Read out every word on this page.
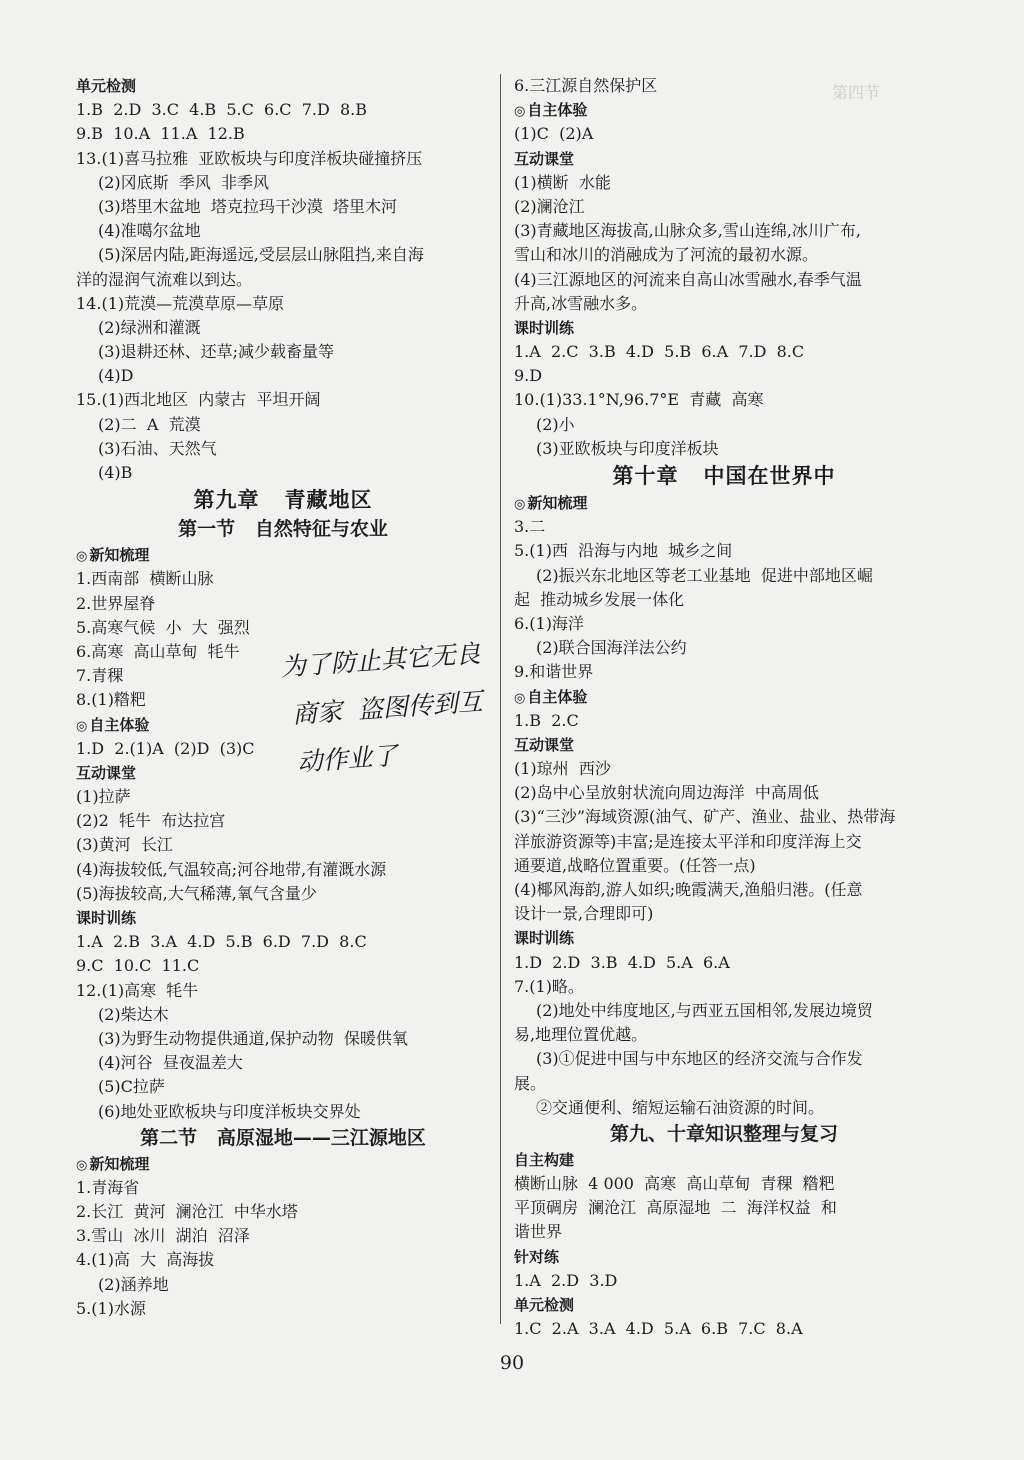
第四节
单元检测
1.B  2.D  3.C  4.B  5.C  6.C  7.D  8.B
9.B  10.A  11.A  12.B
13.(1)喜马拉雅  亚欧板块与印度洋板块碰撞挤压
(2)冈底斯  季风  非季风
(3)塔里木盆地  塔克拉玛干沙漠  塔里木河
(4)准噶尔盆地
(5)深居内陆,距海遥远,受层层山脉阻挡,来自海
洋的湿润气流难以到达。
14.(1)荒漠—荒漠草原—草原
(2)绿洲和灌溉
(3)退耕还林、还草;减少载畜量等
(4)D
15.(1)西北地区  内蒙古  平坦开阔
(2)二  A  荒漠
(3)石油、天然气
(4)B
第九章   青藏地区
第一节   自然特征与农业
◎ 新知梳理
1.西南部  横断山脉
2.世界屋脊
5.高寒气候  小  大  强烈
6.高寒  高山草甸  牦牛
7.青稞
8.(1)糌粑
◎ 自主体验
1.D  2.(1)A  (2)D  (3)C
互动课堂
(1)拉萨
(2)2  牦牛  布达拉宫
(3)黄河  长江
(4)海拔较低,气温较高;河谷地带,有灌溉水源
(5)海拔较高,大气稀薄,氧气含量少
课时训练
1.A  2.B  3.A  4.D  5.B  6.D  7.D  8.C
9.C  10.C  11.C
12.(1)高寒  牦牛
(2)柴达木
(3)为野生动物提供通道,保护动物  保暖供氧
(4)河谷  昼夜温差大
(5)C拉萨
(6)地处亚欧板块与印度洋板块交界处
第二节   高原湿地——三江源地区
◎ 新知梳理
1.青海省
2.长江  黄河  澜沧江  中华水塔
3.雪山  冰川  湖泊  沼泽
4.(1)高  大  高海拔
(2)涵养地
5.(1)水源
6.三江源自然保护区
◎ 自主体验
(1)C  (2)A
互动课堂
(1)横断  水能
(2)澜沧江
(3)青藏地区海拔高,山脉众多,雪山连绵,冰川广布,
雪山和冰川的消融成为了河流的最初水源。
(4)三江源地区的河流来自高山冰雪融水,春季气温
升高,冰雪融水多。
课时训练
1.A  2.C  3.B  4.D  5.B  6.A  7.D  8.C
9.D
10.(1)33.1°N,96.7°E  青藏  高寒
(2)小
(3)亚欧板块与印度洋板块
第十章   中国在世界中
◎ 新知梳理
3.二
5.(1)西  沿海与内地  城乡之间
(2)振兴东北地区等老工业基地  促进中部地区崛
起  推动城乡发展一体化
6.(1)海洋
(2)联合国海洋法公约
9.和谐世界
◎ 自主体验
1.B  2.C
互动课堂
(1)琼州  西沙
(2)岛中心呈放射状流向周边海洋  中高周低
(3)“三沙”海域资源(油气、矿产、渔业、盐业、热带海
洋旅游资源等)丰富;是连接太平洋和印度洋海上交
通要道,战略位置重要。(任答一点)
(4)椰风海韵,游人如织;晚霞满天,渔船归港。(任意
设计一景,合理即可)
课时训练
1.D  2.D  3.B  4.D  5.A  6.A
7.(1)略。
(2)地处中纬度地区,与西亚五国相邻,发展边境贸
易,地理位置优越。
(3)①促进中国与中东地区的经济交流与合作发
展。
②交通便利、缩短运输石油资源的时间。
第九、十章知识整理与复习
自主构建
横断山脉  4 000  高寒  高山草甸  青稞  糌粑
平顶碉房  澜沧江  高原湿地  二  海洋权益  和
谐世界
针对练
1.A  2.D  3.D
单元检测
1.C  2.A  3.A  4.D  5.A  6.B  7.C  8.A
为了防止其它无良
商家  盗图传到互
动作业了
90
